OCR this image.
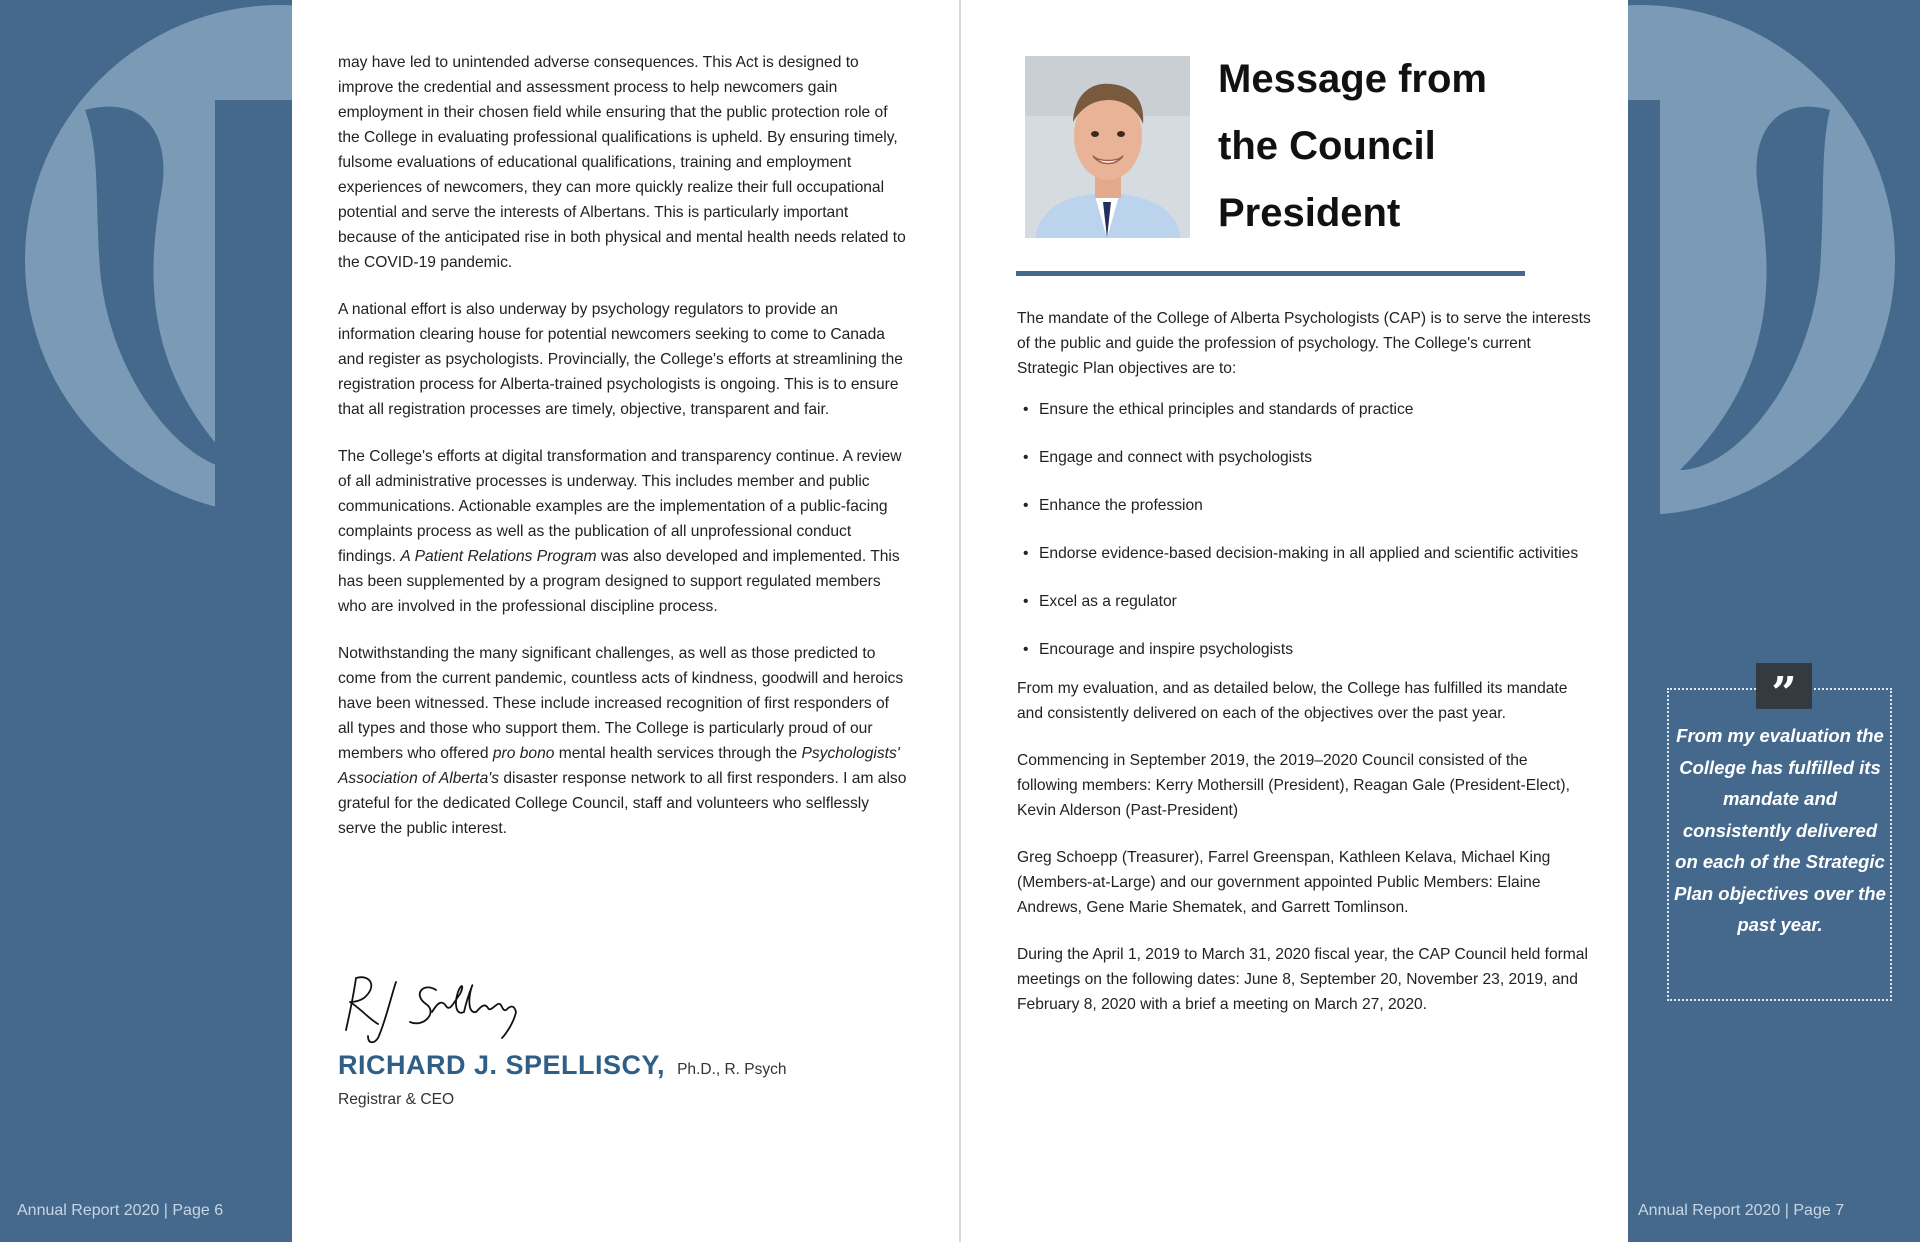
Annual Report 2020 | Page 6	Annual Report 2020 | Page 7

may have led to unintended adverse consequences. This Act is designed to improve the credential and assessment process to help newcomers gain employment in their chosen field while ensuring that the public protection role of the College in evaluating professional qualifications is upheld. By ensuring timely, fulsome evaluations of educational qualifications, training and employment experiences of newcomers, they can more quickly realize their full occupational potential and serve the interests of Albertans. This is particularly important because of the anticipated rise in both physical and mental health needs related to the COVID-19 pandemic.

A national effort is also underway by psychology regulators to provide an information clearing house for potential newcomers seeking to come to Canada and register as psychologists. Provincially, the College's efforts at streamlining the registration process for Alberta-trained psychologists is ongoing. This is to ensure that all registration processes are timely, objective, transparent and fair.

The College's efforts at digital transformation and transparency continue. A review of all administrative processes is underway. This includes member and public communications. Actionable examples are the implementation of a public-facing complaints process as well as the publication of all unprofessional conduct findings. A Patient Relations Program was also developed and implemented. This has been supplemented by a program designed to support regulated members who are involved in the professional discipline process.

Notwithstanding the many significant challenges, as well as those predicted to come from the current pandemic, countless acts of kindness, goodwill and heroics have been witnessed. These include increased recognition of first responders of all types and those who support them. The College is particularly proud of our members who offered pro bono mental health services through the Psychologists' Association of Alberta's disaster response network to all first responders. I am also grateful for the dedicated College Council, staff and volunteers who selflessly serve the public interest.

RICHARD J. SPELLISCY, Ph.D., R. Psych
Registrar & CEO
Message from
the Council
President

The mandate of the College of Alberta Psychologists (CAP) is to serve the interests of the public and guide the profession of psychology. The College's current Strategic Plan objectives are to:

• Ensure the ethical principles and standards of practice
• Engage and connect with psychologists
• Enhance the profession
• Endorse evidence-based decision-making in all applied and scientific activities
• Excel as a regulator
• Encourage and inspire psychologists

From my evaluation, and as detailed below, the College has fulfilled its mandate and consistently delivered on each of the objectives over the past year.

Commencing in September 2019, the 2019–2020 Council consisted of the following members: Kerry Mothersill (President), Reagan Gale (President-Elect), Kevin Alderson (Past-President)

Greg Schoepp (Treasurer), Farrel Greenspan, Kathleen Kelava, Michael King (Members-at-Large) and our government appointed Public Members: Elaine Andrews, Gene Marie Shematek, and Garrett Tomlinson.

During the April 1, 2019 to March 31, 2020 fiscal year, the CAP Council held formal meetings on the following dates: June 8, September 20, November 23, 2019, and February 8, 2020 with a brief a meeting on March 27, 2020.

”
From my evaluation the College has fulfilled its mandate and consistently delivered on each of the Strategic Plan objectives over the past year.
